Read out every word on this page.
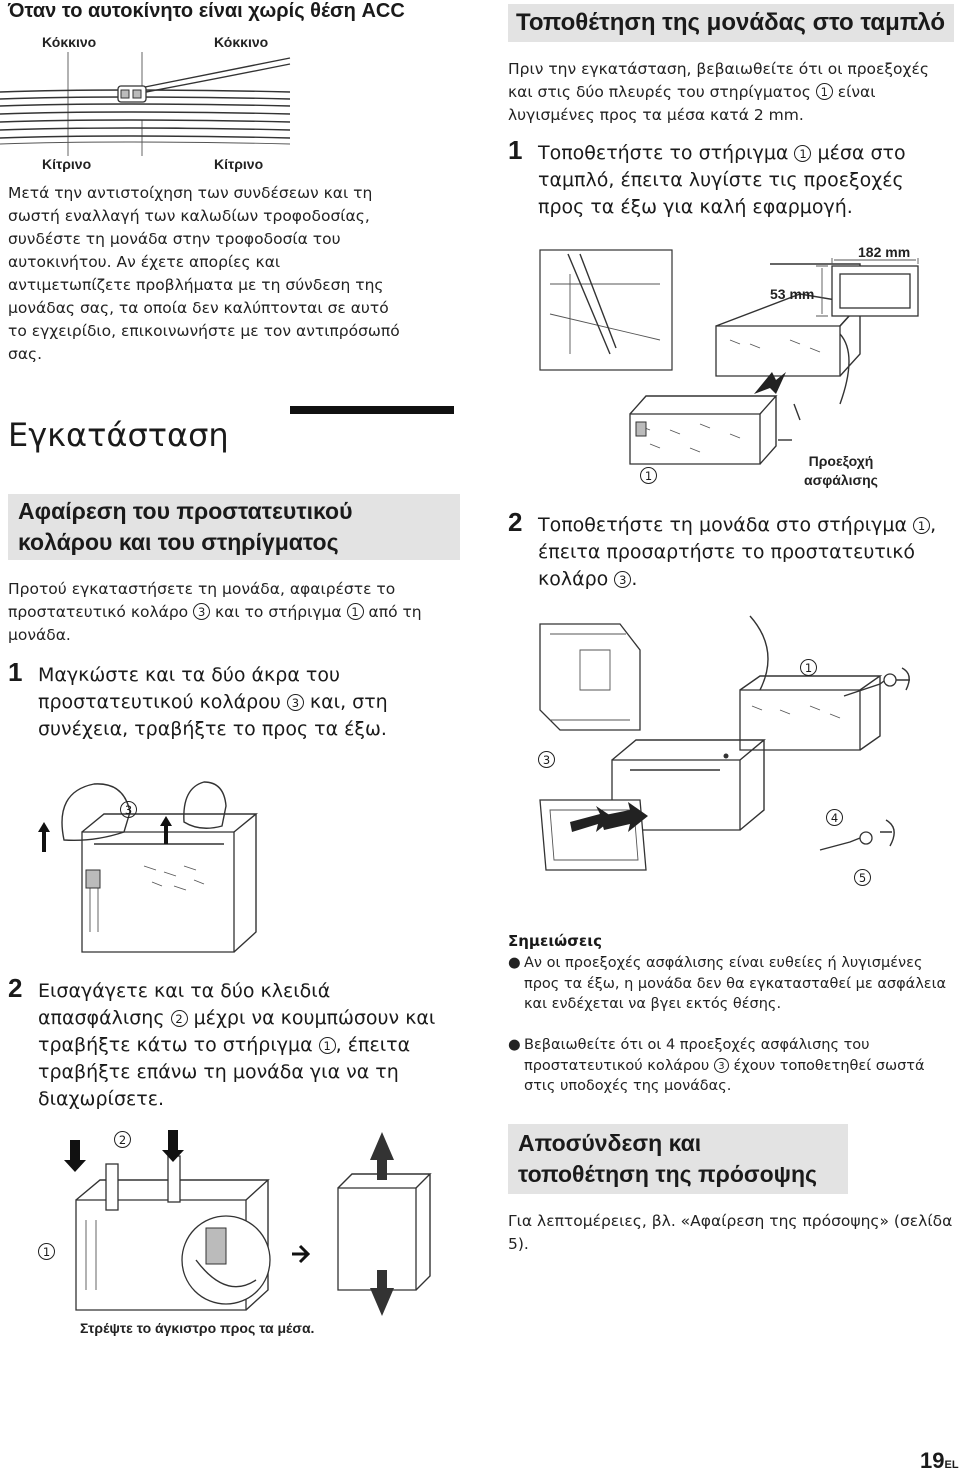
Όταν το αυτοκίνητο είναι χωρίς θέση ACC
Κόκκινο	Κόκκινο
Κίτρινο	Κίτρινο
Μετά την αντιστοίχηση των συνδέσεων και τη σωστή εναλλαγή των καλωδίων τροφοδοσίας, συνδέστε τη μονάδα στην τροφοδοσία του αυτοκινήτου. Αν έχετε απορίες και αντιμετωπίζετε προβλήματα με τη σύνδεση της μονάδας σας, τα οποία δεν καλύπτονται σε αυτό το εγχειρίδιο, επικοινωνήστε με τον αντιπρόσωπό σας.
Εγκατάσταση
Αφαίρεση του προστατευτικού κολάρου και του στηρίγματος
Προτού εγκαταστήσετε τη μονάδα, αφαιρέστε το προστατευτικό κολάρο 3 και το στήριγμα 1 από τη μονάδα.
1 Μαγκώστε και τα δύο άκρα του προστατευτικού κολάρου 3 και, στη συνέχεια, τραβήξτε το προς τα έξω.
3
2 Εισαγάγετε και τα δύο κλειδιά απασφάλισης 2 μέχρι να κουμπώσουν και τραβήξτε κάτω το στήριγμα 1 , έπειτα τραβήξτε επάνω τη μονάδα για να τη διαχωρίσετε.
2
1
Στρέψτε το άγκιστρο προς τα μέσα.
Τοποθέτηση της μονάδας στο ταμπλό
Πριν την εγκατάσταση, βεβαιωθείτε ότι οι προεξοχές και στις δύο πλευρές του στηρίγματος 1 είναι λυγισμένες προς τα μέσα κατά 2 mm.
1 Τοποθετήστε το στήριγμα 1 μέσα στο ταμπλό, έπειτα λυγίστε τις προεξοχές προς τα έξω για καλή εφαρμογή.
182 mm
53 mm
1
Προεξοχή ασφάλισης
2 Τοποθετήστε τη μονάδα στο στήριγμα 1 , έπειτα προσαρτήστε το προστατευτικό κολάρο 3 .
1
3
4
5
Σημειώσεις
● Αν οι προεξοχές ασφάλισης είναι ευθείες ή λυγισμένες προς τα έξω, η μονάδα δεν θα εγκατασταθεί με ασφάλεια και ενδέχεται να βγει εκτός θέσης.
● Βεβαιωθείτε ότι οι 4 προεξοχές ασφάλισης του προστατευτικού κολάρου 3 έχουν τοποθετηθεί σωστά στις υποδοχές της μονάδας.
Αποσύνδεση και τοποθέτηση της πρόσοψης
Για λεπτομέρειες, βλ. «Αφαίρεση της πρόσοψης» (σελίδα 5).
19EL
